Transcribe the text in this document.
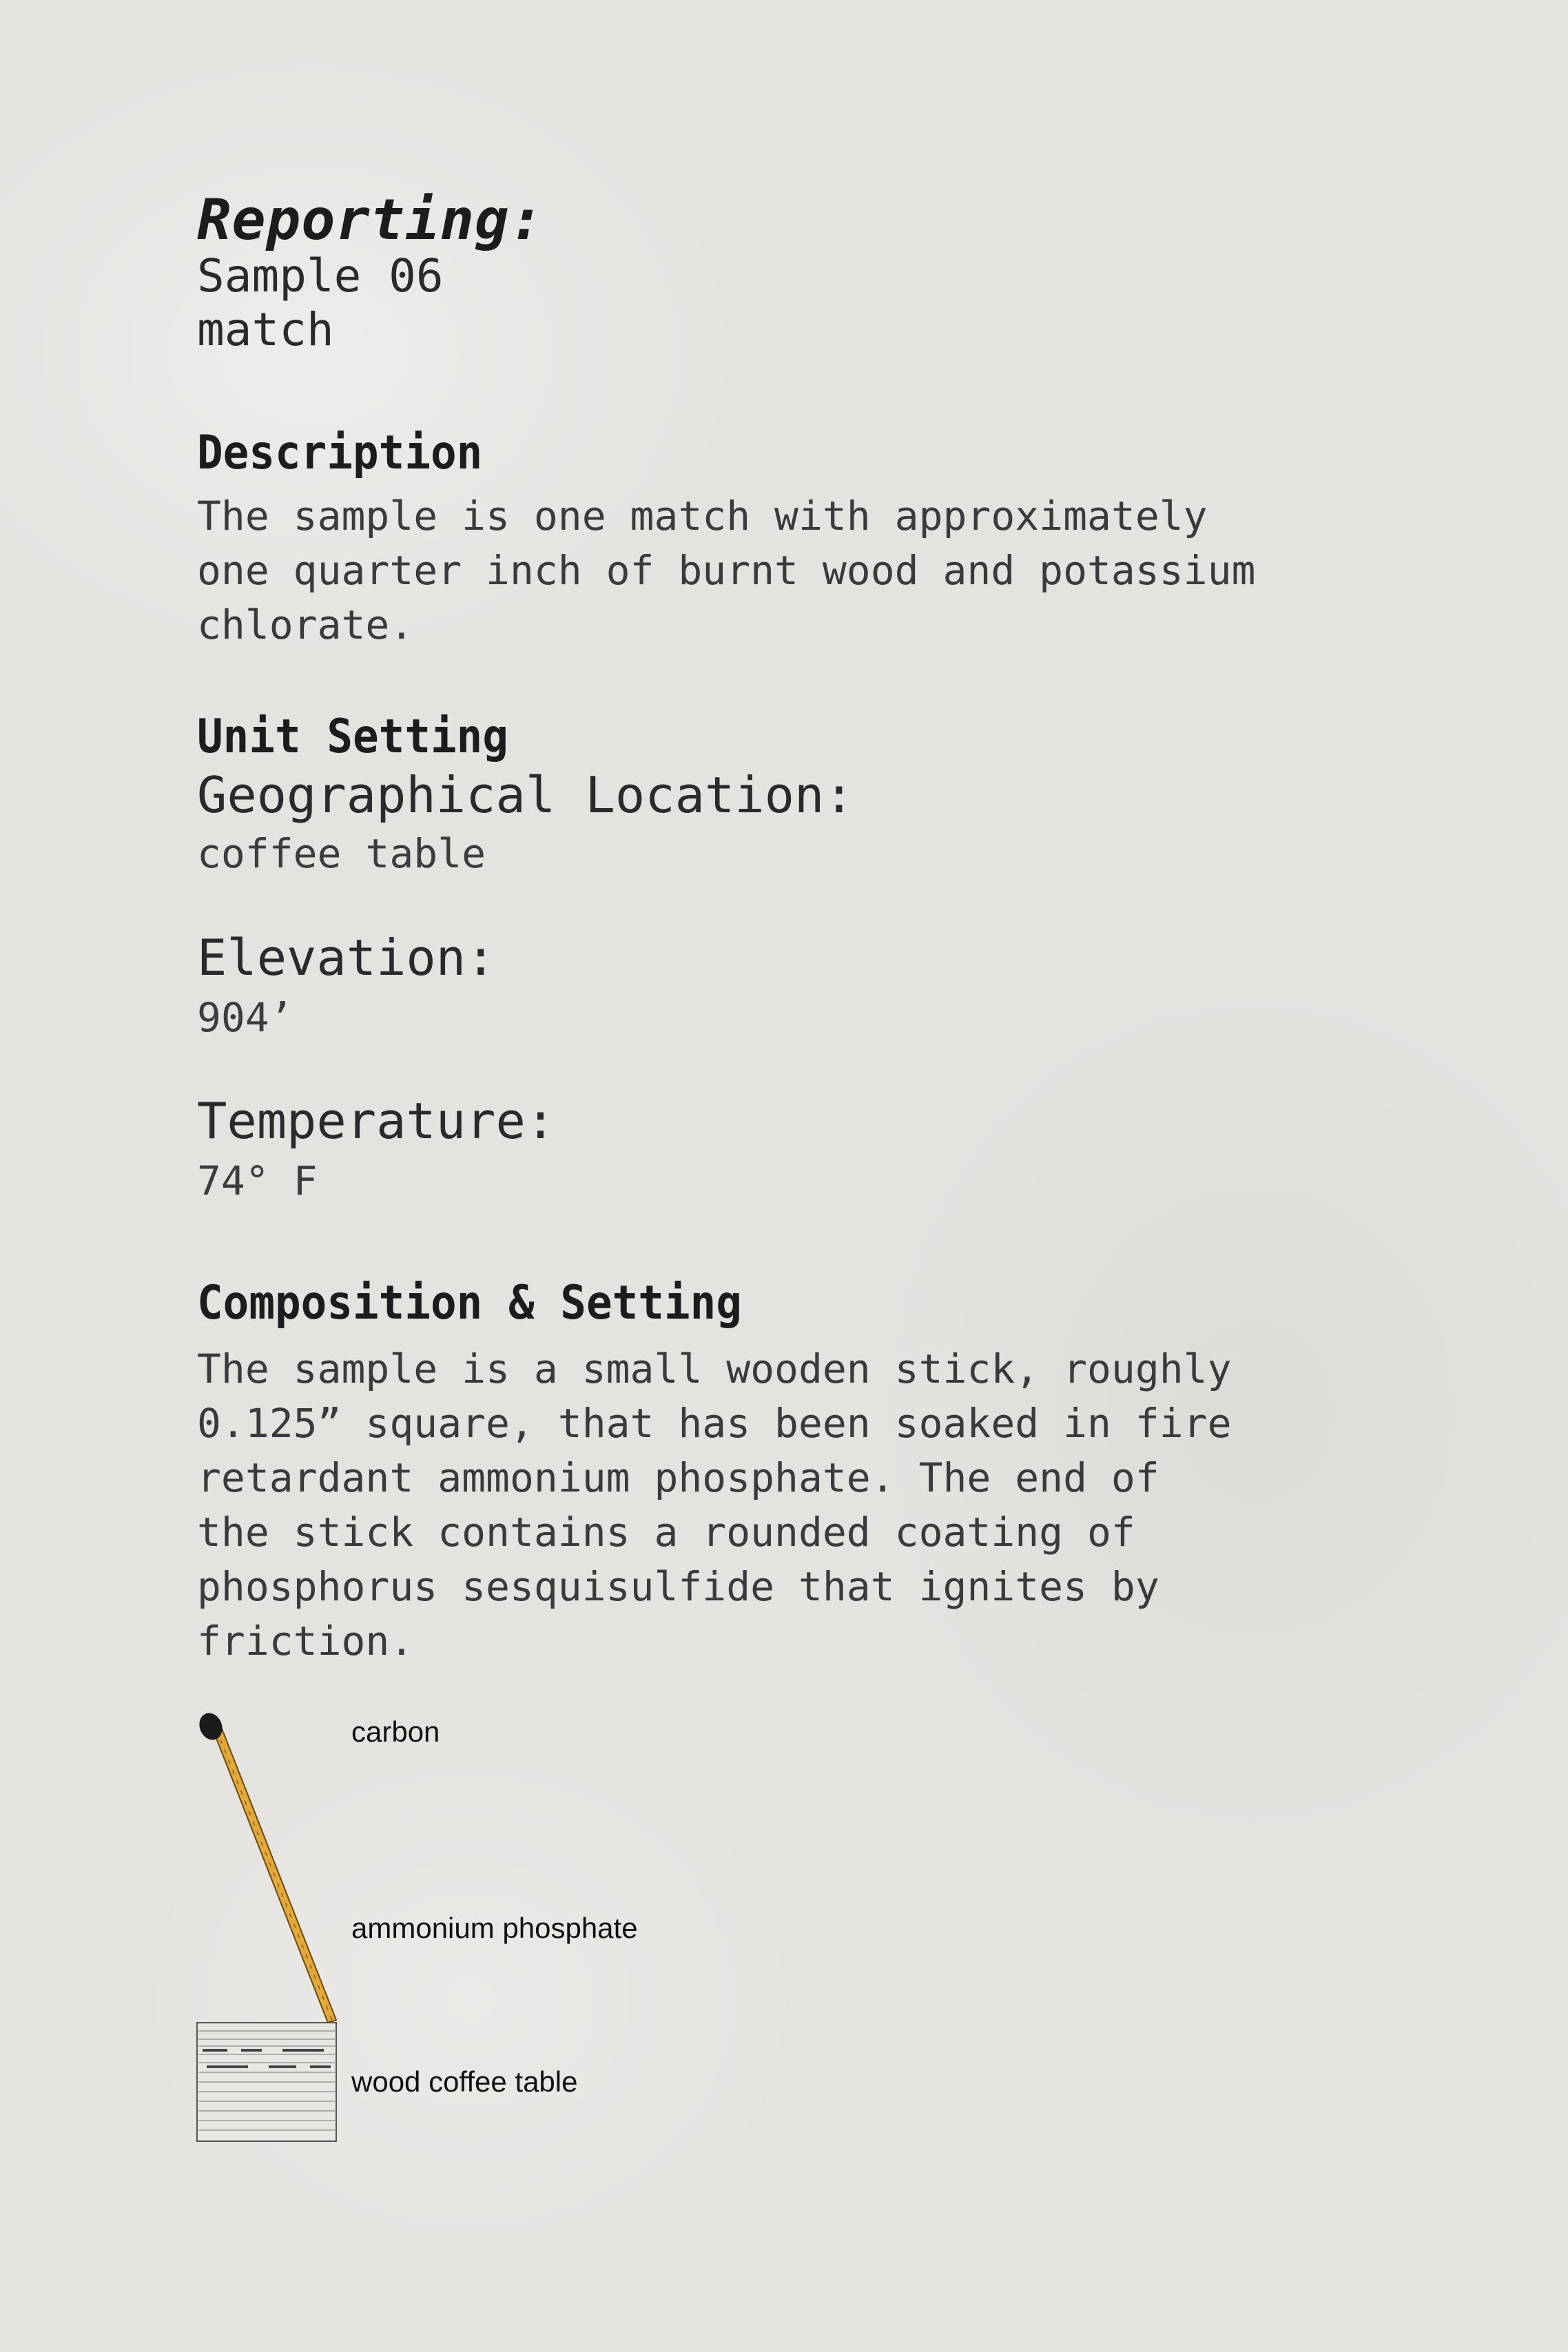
Reporting:
Sample 06
match
Description
The sample is one match with approximately
one quarter inch of burnt wood and potassium
chlorate.
Unit Setting
Geographical Location:
coffee table
Elevation:
904’
Temperature:
74° F
Composition & Setting
The sample is a small wooden stick, roughly
0.125” square, that has been soaked in fire
retardant ammonium phosphate. The end of
the stick contains a rounded coating of
phosphorus sesquisulfide that ignites by
friction.
carbon
ammonium phosphate
wood coffee table
